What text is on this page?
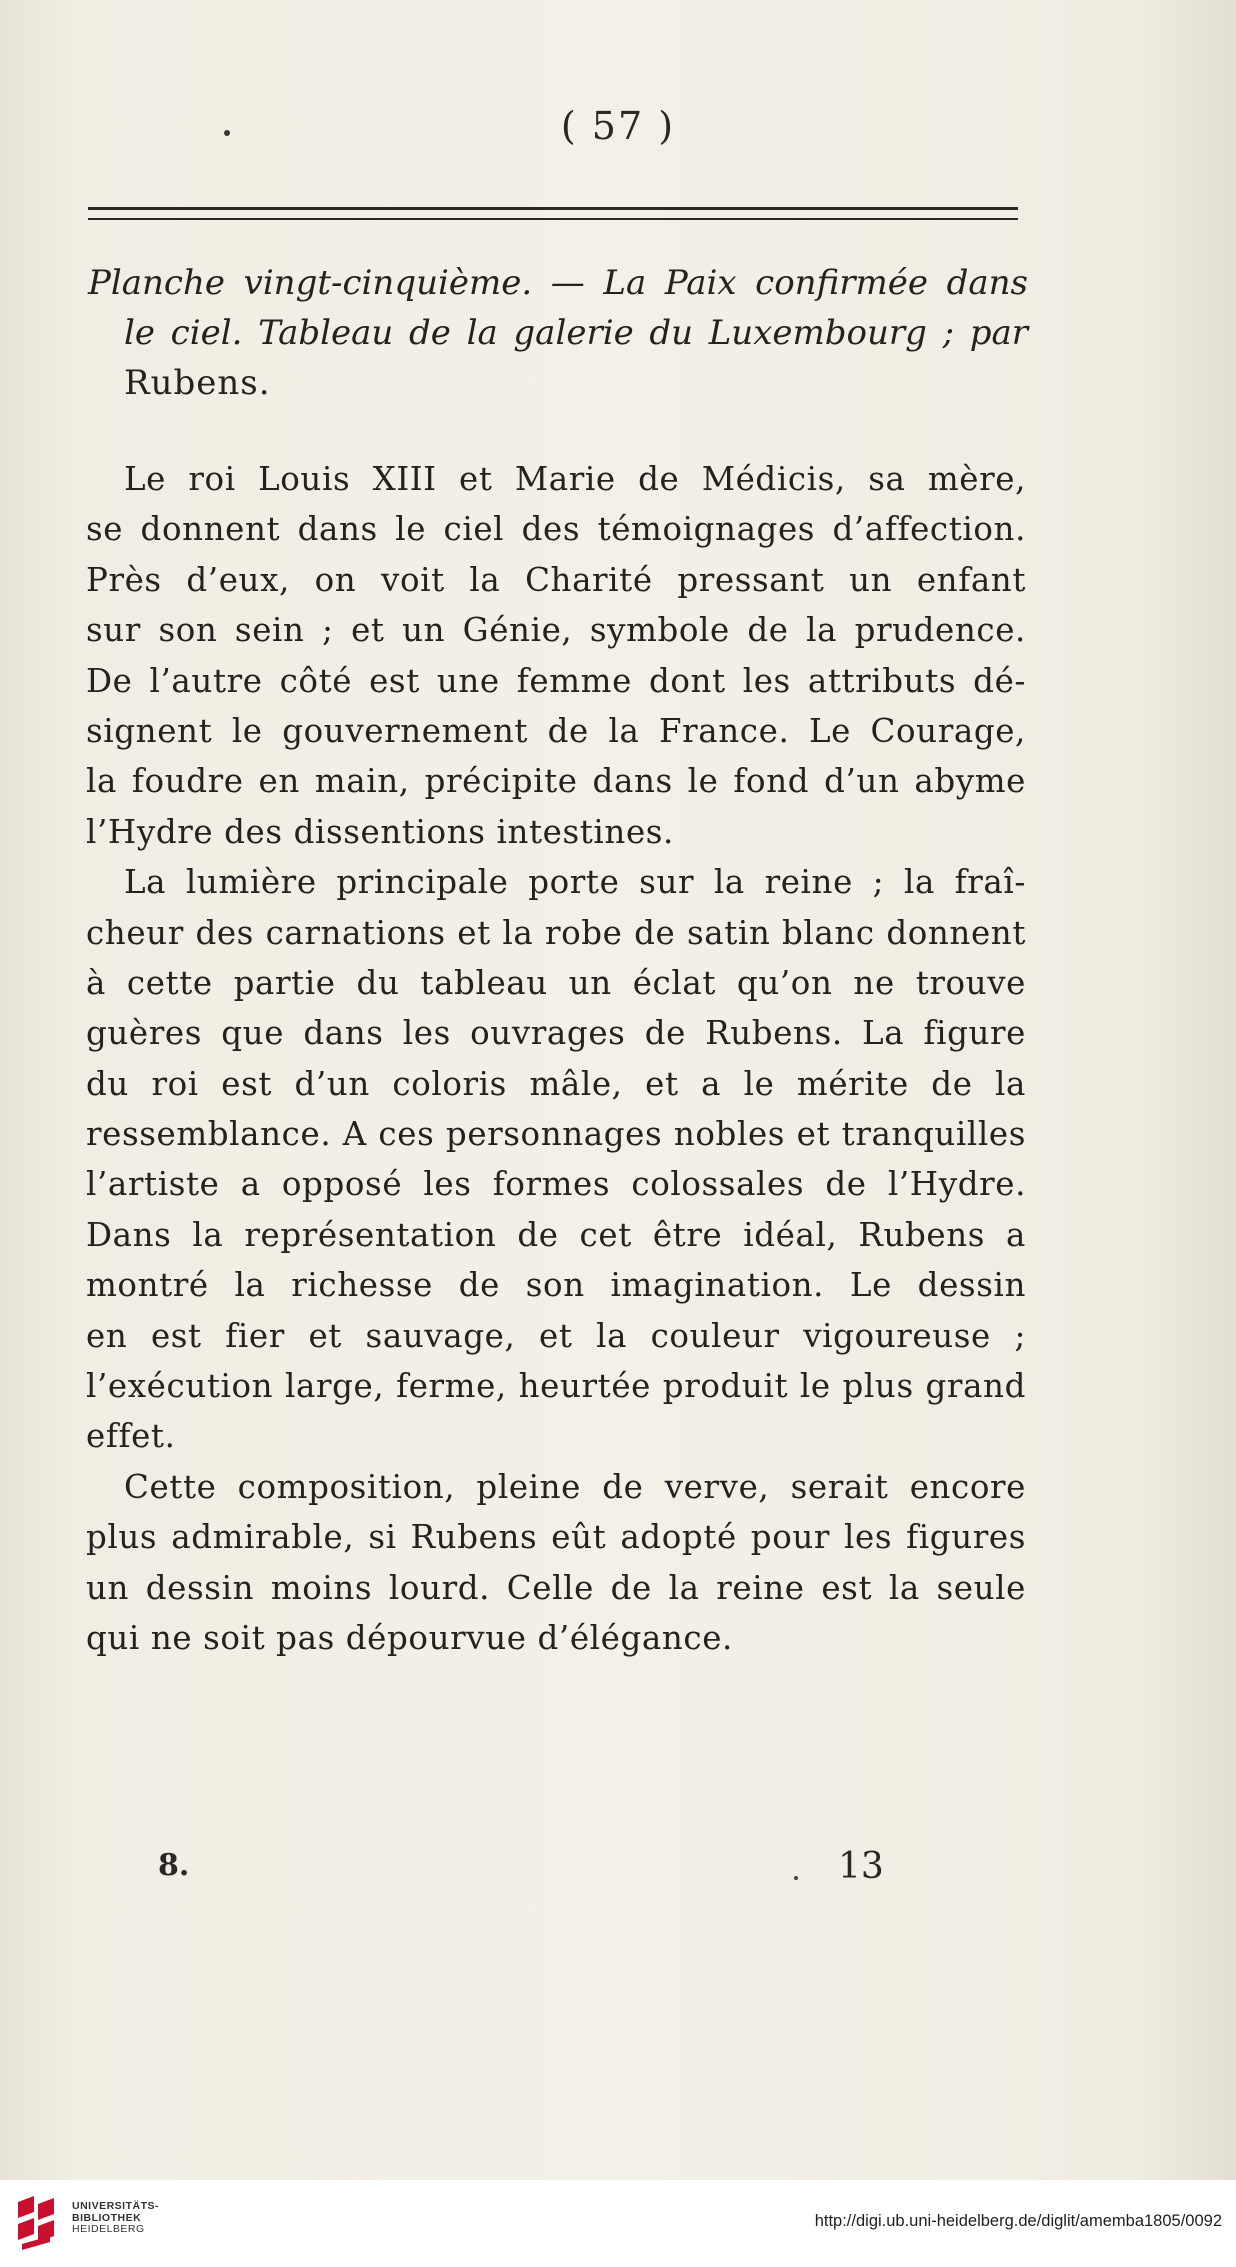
( 57 )

Planche vingt-cinquième. — La Paix confirmée dans

le ciel. Tableau de la galerie du Luxembourg ; par

Rubens.

Le roi Louis XIII et Marie de Médicis, sa mère,
se donnent dans le ciel des témoignages d’affection.
Près d’eux, on voit la Charité pressant un enfant
sur son sein ; et un Génie, symbole de la prudence.
De l’autre côté est une femme dont les attributs dé-
signent le gouvernement de la France. Le Courage,
la foudre en main, précipite dans le fond d’un abyme
l’Hydre des dissentions intestines.

La lumière principale porte sur la reine ; la fraî-
cheur des carnations et la robe de satin blanc donnent
à cette partie du tableau un éclat qu’on ne trouve
guères que dans les ouvrages de Rubens. La figure
du roi est d’un coloris mâle, et a le mérite de la
ressemblance. A ces personnages nobles et tranquilles
l’artiste a opposé les formes colossales de l’Hydre.
Dans la représentation de cet être idéal, Rubens a
montré la richesse de son imagination. Le dessin
en est fier et sauvage, et la couleur vigoureuse ;
l’exécution large, ferme, heurtée produit le plus grand
effet.

Cette composition, pleine de verve, serait encore
plus admirable, si Rubens eût adopté pour les figures
un dessin moins lourd. Celle de la reine est la seule
qui ne soit pas dépourvue d’élégance.

8.	13
UNIVERSITÄTS-
BIBLIOTHEK
HEIDELBERG	http://digi.ub.uni-heidelberg.de/diglit/amemba1805/0092
